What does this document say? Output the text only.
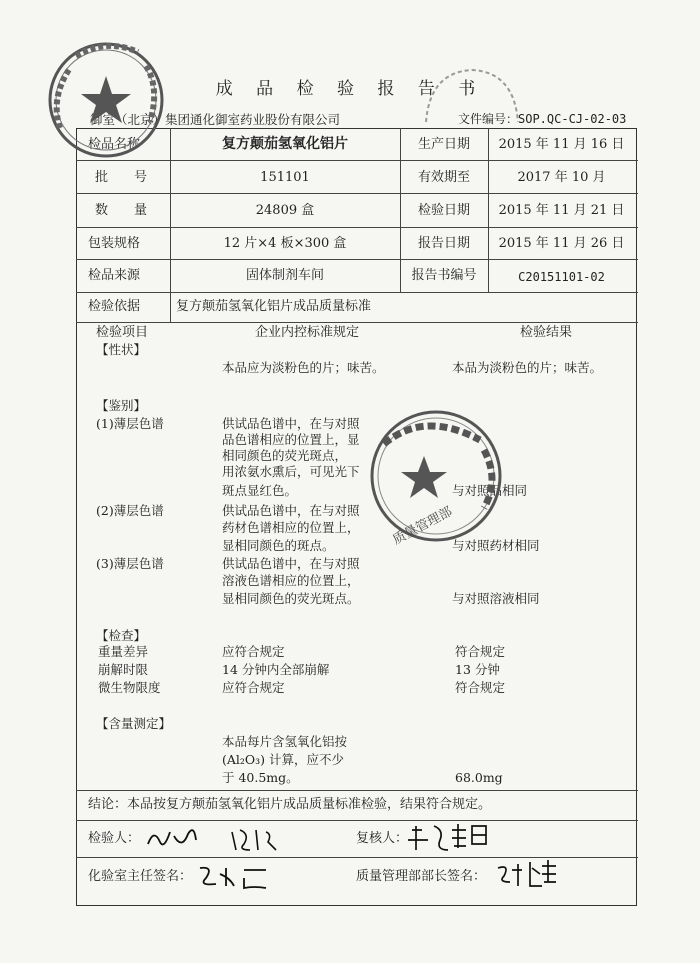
成 品 检 验 报 告 书
御室（北京）集团通化御室药业股份有限公司	文件编号：SOP.QC-CJ-02-03
检品名称	复方颠茄氢氧化铝片	生产日期	2015 年 11 月 16 日
批　　号	151101	有效期至	2017 年 10 月
数　　量	24809 盒	检验日期	2015 年 11 月 21 日
包装规格	12 片×4 板×300 盒	报告日期	2015 年 11 月 26 日
检品来源	固体制剂车间	报告书编号	C20151101-02
检验依据	复方颠茄氢氧化铝片成品质量标准
检验项目	企业内控标准规定	检验结果
【性状】
本品应为淡粉色的片；味苦。	本品为淡粉色的片；味苦。
【鉴别】
(1)薄层色谱	供试品色谱中，在与对照
品色谱相应的位置上，显
相同颜色的荧光斑点，
用浓氨水熏后，可见光下
斑点显红色。	与对照品相同
(2)薄层色谱	供试品色谱中，在与对照
药材色谱相应的位置上，
显相同颜色的斑点。	与对照药材相同
(3)薄层色谱	供试品色谱中，在与对照
溶液色谱相应的位置上，
显相同颜色的荧光斑点。	与对照溶液相同
【检查】
重量差异	应符合规定	符合规定
崩解时限	14 分钟内全部崩解	13 分钟
微生物限度	应符合规定	符合规定
【含量测定】
本品每片含氢氧化铝按
(Al₂O₃) 计算，应不少
于 40.5mg。	68.0mg
结论：本品按复方颠茄氢氧化铝片成品质量标准检验，结果符合规定。
检验人：	复核人：
化验室主任签名：	质量管理部部长签名：
质量管理部
